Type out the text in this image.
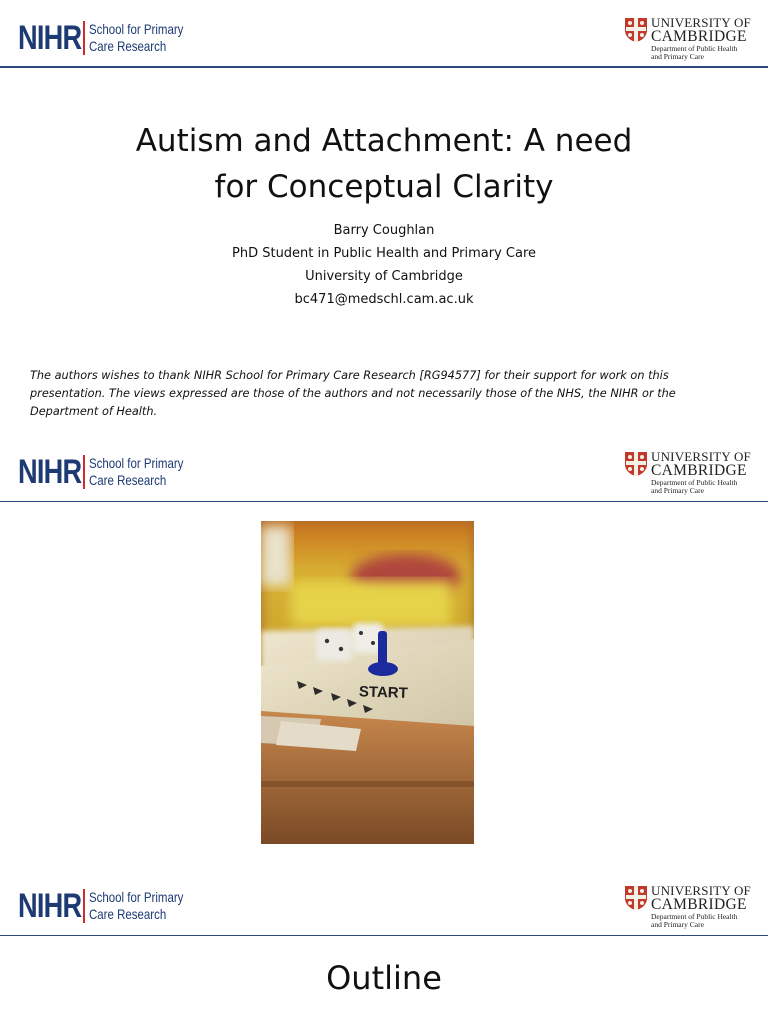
NIHR School for Primary
Care Research
UNIVERSITY OF
CAMBRIDGE
Department of Public Health
and Primary Care
Autism and Attachment: A need
for Conceptual Clarity
Barry Coughlan
PhD Student in Public Health and Primary Care
University of Cambridge
bc471@medschl.cam.ac.uk
The authors wishes to thank NIHR School for Primary Care Research [RG94577] for their support for work on this
presentation. The views expressed are those of the authors and not necessarily those of the NHS, the NIHR or the
Department of Health.
NIHR School for Primary
Care Research
UNIVERSITY OF
CAMBRIDGE
Department of Public Health
and Primary Care
START
NIHR School for Primary
Care Research
UNIVERSITY OF
CAMBRIDGE
Department of Public Health
and Primary Care
Outline
